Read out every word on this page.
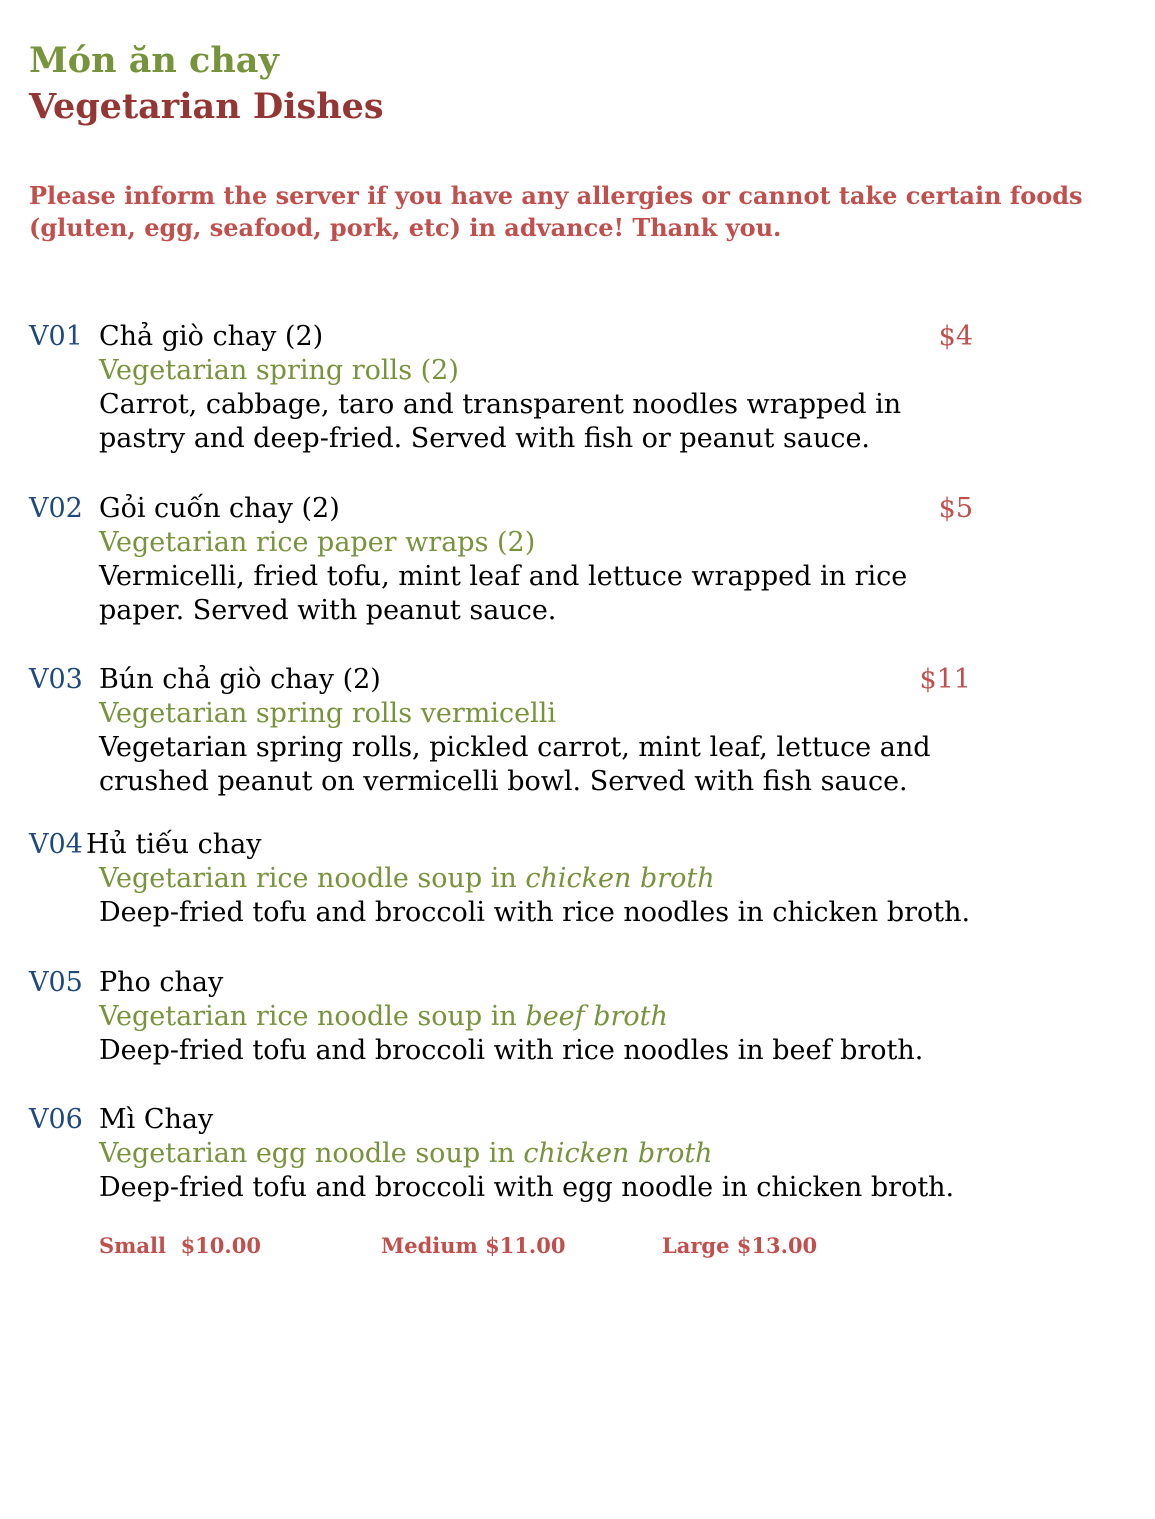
Món ăn chay
Vegetarian Dishes
Please inform the server if you have any allergies or cannot take certain foods (gluten, egg, seafood, pork, etc) in advance! Thank you.
V01 Chả giò chay (2)	$4
Vegetarian spring rolls (2)
Carrot, cabbage, taro and transparent noodles wrapped in pastry and deep-fried. Served with fish or peanut sauce.
V02 Gỏi cuốn chay (2)	$5
Vegetarian rice paper wraps (2)
Vermicelli, fried tofu, mint leaf and lettuce wrapped in rice paper. Served with peanut sauce.
V03 Bún chả giò chay (2)	$11
Vegetarian spring rolls vermicelli
Vegetarian spring rolls, pickled carrot, mint leaf, lettuce and crushed peanut on vermicelli bowl. Served with fish sauce.
V04 Hủ tiếu chay
Vegetarian rice noodle soup in chicken broth
Deep-fried tofu and broccoli with rice noodles in chicken broth.
V05 Pho chay
Vegetarian rice noodle soup in beef broth
Deep-fried tofu and broccoli with rice noodles in beef broth.
V06 Mì Chay
Vegetarian egg noodle soup in chicken broth
Deep-fried tofu and broccoli with egg noodle in chicken broth.
Small  $10.00	Medium $11.00	Large $13.00
